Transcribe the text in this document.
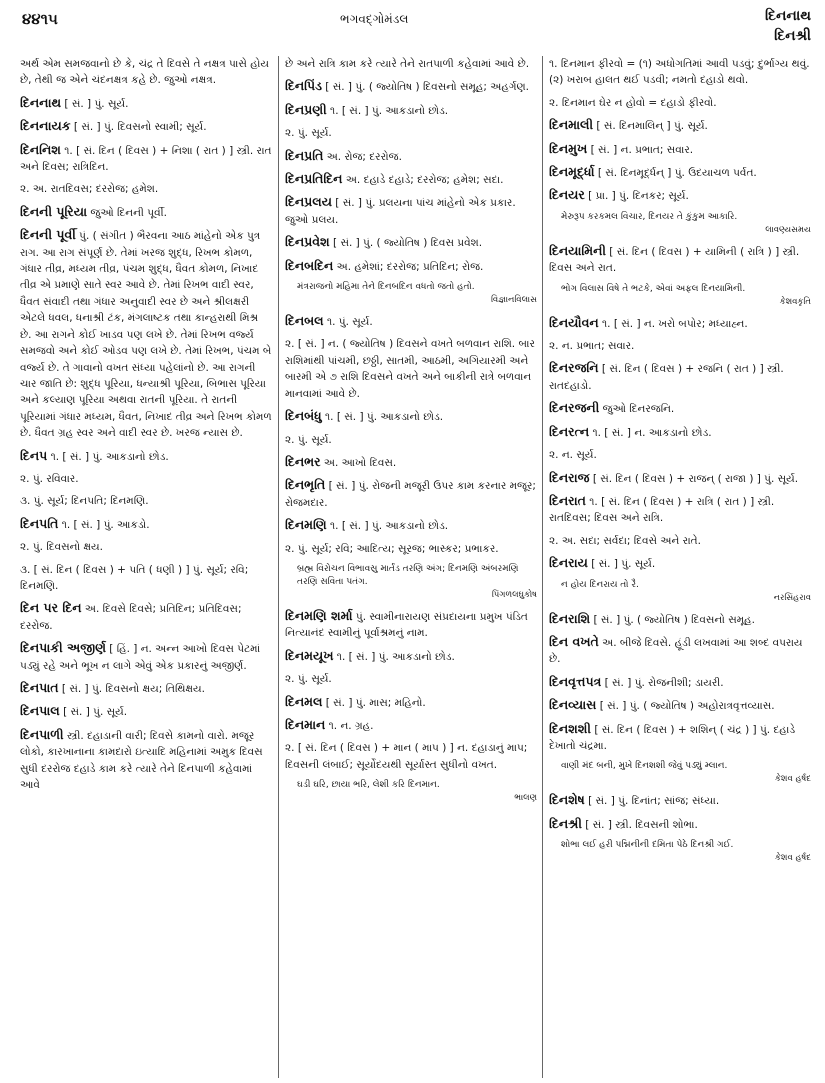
૪૪૧૫	ભગવદ્ગોમંડલ	દિનનાથ
દિનશ્રી
અર્થ એમ સમજવાનો છે કે, ચંદ્ર તે દિવસે તે નક્ષત્ર પાસે હોય છે, તેથી જ એને ચંદનક્ષત્ર કહે છે. જુઓ નક્ષત્ર.
દિનનાથ [ સં. ] પું. સૂર્ય.
દિનનાયક [ સં. ] પું. દિવસનો સ્વામી; સૂર્ય.
દિનનિશ ૧. [ સં. દિન ( દિવસ ) + નિશા ( રાત ) ] સ્ત્રી. રાત અને દિવસ; રાત્રિદિન.
૨. અ. રાતદિવસ; દરરોજ; હમેશ.
દિનની પૂરિયા જુઓ દિનની પૂર્વી.
દિનની પૂર્વી પું. ( સંગીત ) ભૈરવના આઠ માંહેનો એક પુત્ર રાગ. આ રાગ સંપૂર્ણ છે. તેમાં ખરજ શુદ્ધ, રિખભ કોમળ, ગંધાર તીવ્ર, મધ્યમ તીવ્ર, પંચમ શુદ્ધ, ધૈવત કોમળ, નિખાદ તીવ્ર એ પ્રમાણે સાતે સ્વર આવે છે. તેમાં રિખભ વાદી સ્વર, ધૈવત સંવાદી તથા ગંધાર અનુવાદી સ્વર છે અને શ્રીલક્ષરી એટલે ધવલ, ધનાશ્રી ટંક, મંગલાષ્ટક તથા કાન્હરાથી મિશ્ર છે. આ રાગને કોઈ ખાડવ પણ લખે છે. તેમાં રિખભ વર્જ્ય સમજવો અને કોઈ ઓડવ પણ લખે છે. તેમાં રિખભ, પંચમ બે વર્જ્ય છે. તે ગાવાનો વખત સંધ્યા પહેલાંનો છે. આ રાગની ચાર જાતિ છે: શુદ્ધ પૂરિયા, ધન્યાશ્રી પૂરિયા, બિભાસ પૂરિયા અને કલ્યાણ પૂરિયા અથવા રાતની પૂરિયા. તે રાતની પૂરિયામાં ગંધાર મધ્યમ, ધૈવત, નિખાદ તીવ્ર અને રિખભ કોમળ છે. ધૈવત ગ્રહ સ્વર અને વાદી સ્વર છે. ખરજ ન્યાસ છે.
દિનપ ૧. [ સં. ] પું. આકડાનો છોડ.
૨. પું. રવિવાર.
૩. પું. સૂર્ય; દિનપતિ; દિનમણિ.
દિનપતિ ૧. [ સં. ] પું. આકડો.
૨. પું. દિવસનો ક્ષય.
૩. [ સં. દિન ( દિવસ ) + પતિ ( ધણી ) ] પું. સૂર્ય; રવિ; દિનમણિ.
દિન પર દિન અ. દિવસે દિવસે; પ્રતિદિન; પ્રતિદિવસ; દરરોજ.
દિનપાકી અજીર્ણ [ હિં. ] ન. અન્ન આખો દિવસ પેટમાં પડ્યું રહે અને ભૂખ ન લાગે એવું એક પ્રકારનું અજીર્ણ.
દિનપાત [ સં. ] પું. દિવસનો ક્ષય; તિથિક્ષય.
દિનપાલ [ સં. ] પું. સૂર્ય.
દિનપાળી સ્ત્રી. દહાડાની વારી; દિવસે કામનો વારો. મજૂર લોકો, કારખાનાના કામદારો ઇત્યાદિ મહિનામાં અમુક દિવસ સુધી દરરોજ દહાડે કામ કરે ત્યારે તેને દિનપાળી કહેવામાં આવે
છે અને રાત્રિ કામ કરે ત્યારે તેને રાતપાળી કહેવામાં આવે છે.
દિનપિંડ [ સં. ] પું. ( જ્યોતિષ ) દિવસનો સમૂહ; અહર્ગણ.
દિનપ્રણી ૧. [ સં. ] પું. આકડાનો છોડ.
૨. પું. સૂર્ય.
દિનપ્રતિ અ. રોજ; દરરોજ.
દિનપ્રતિદિન અ. દહાડે દહાડે; દરરોજ; હમેશ; સદા.
દિનપ્રલય [ સં. ] પું. પ્રલયના પાંચ માંહેનો એક પ્રકાર. જુઓ પ્રલય.
દિનપ્રવેશ [ સં. ] પું. ( જ્યોતિષ ) દિવસ પ્રવેશ.
દિનબદિન અ. હમેશાં; દરરોજ; પ્રતિદિન; રોજ.
મંત્રરાજનો મહિમા તેને દિનબદિન વધતો જતો હતો.
વિજ્ઞાનવિલાસ
દિનબલ ૧. પું. સૂર્ય.
૨. [ સં. ] ન. ( જ્યોતિષ ) દિવસને વખતે બળવાન રાશિ. બાર રાશિમાંથી પાંચમી, છઠ્ઠી, સાતમી, આઠમી, અગિયારમી અને બારમી એ ૭ રાશિ દિવસને વખતે અને બાકીની રાત્રે બળવાન માનવામાં આવે છે.
દિનબંધુ ૧. [ સં. ] પું. આકડાનો છોડ.
૨. પું. સૂર્ય.
દિનભર અ. આખો દિવસ.
દિનભૃતિ [ સં. ] પું. રોજની મજૂરી ઉપર કામ કરનાર મજૂર; રોજમદાર.
દિનમણિ ૧. [ સં. ] પું. આકડાનો છોડ.
૨. પું. સૂર્ય; રવિ; આદિત્ય; સૂરજ; ભાસ્કર; પ્રભાકર.
બ્રહ્મ વિરોચન વિભાવસુ માર્તંડ તરણિ અંગ; દિનમણિ અંબરમણિ તરણિ સવિતા પતંગ.
પિંગળલઘુકોષ
દિનમણિ શર્મા પું. સ્વામીનારાયણ સંપ્રદાયના પ્રમુખ પંડિત નિત્યાનંદ સ્વામીનું પૂર્વાશ્રમનું નામ.
દિનમયૂખ ૧. [ સં. ] પું. આકડાનો છોડ.
૨. પું. સૂર્ય.
દિનમલ [ સં. ] પું. માસ; મહિનો.
દિનમાન ૧. ન. ગ્રહ.
૨. [ સં. દિન ( દિવસ ) + માન ( માપ ) ] ન. દહાડાનું માપ; દિવસની લંબાઈ; સૂર્યોદયથી સૂર્યાસ્ત સુધીનો વખત.
ઘડી ઘરિ, છાયા ભરિ, લેશી કરિ દિનમાન.
ભાલણ
૧. દિનમાન ફીરવો = (૧) અધોગતિમાં આવી પડવું; દુર્ભાગ્ય થવું. (૨) ખરાબ હાલત થઈ પડવી; નમતો દહાડો થવો.
૨. દિનમાન ઘેર ન હોવો = દહાડો ફીરવો.
દિનમાલી [ સં. દિનમાલિન્ ] પું. સૂર્ય.
દિનમુખ [ સં. ] ન. પ્રભાત; સવાર.
દિનમૂર્દ્ધા [ સં. દિનમૂર્દ્ધન્ ] પું. ઉદયાચળ પર્વત.
દિનયર [ પ્રા. ] પું. દિનકર; સૂર્ય.
મેરુરૂપ કરકમલ વિચાર, દિનયર તે કુંકુમ આકારિ.
લાવણ્યસમય
દિનયામિની [ સં. દિન ( દિવસ ) + યામિની ( રાત્રિ ) ] સ્ત્રી. દિવસ અને રાત.
ભોગ વિલાસ વિષે તે ભટકે, એવાં અફલ દિનયામિની.
કેશવકૃતિ
દિનયૌવન ૧. [ સં. ] ન. ખરો બપોર; મધ્યાહ્ન.
૨. ન. પ્રભાત; સવાર.
દિનરજનિ [ સં. દિન ( દિવસ ) + રજનિ ( રાત ) ] સ્ત્રી. રાતદહાડો.
દિનરજની જુઓ દિનરજનિ.
દિનરત્ન ૧. [ સં. ] ન. આકડાનો છોડ.
૨. ન. સૂર્ય.
દિનરાજ [ સં. દિન ( દિવસ ) + રાજન્ ( રાજા ) ] પું. સૂર્ય.
દિનરાત ૧. [ સં. દિન ( દિવસ ) + રાત્રિ ( રાત ) ] સ્ત્રી. રાતદિવસ; દિવસ અને રાત્રિ.
૨. અ. સદા; સર્વદા; દિવસે અને રાતે.
દિનરાય [ સં. ] પું. સૂર્ય.
ન હોય દિનરાય તો રૈ.
નરસિંહરાવ
દિનરાશિ [ સં. ] પું. ( જ્યોતિષ ) દિવસનો સમૂહ.
દિન વખતે અ. બીજે દિવસે. હૂંડી લખવામાં આ શબ્દ વપરાય છે.
દિનવૃત્તપત્ર [ સં. ] પું. રોજનીશી; ડાયરી.
દિનવ્યાસ [ સં. ] પું. ( જ્યોતિષ ) અહોરાત્રવૃત્તવ્યાસ.
દિનશશી [ સં. દિન ( દિવસ ) + શશિન્ ( ચંદ્ર ) ] પું. દહાડે દેખાતો ચંદ્રમા.
વાણી મંદ બની, મુખે દિનશશી જેવું પડ્યું મ્લાન.
કેશવ હર્ષદ
દિનશેષ [ સં. ] પું. દિનાંત; સાંજ; સંધ્યા.
દિનશ્રી [ સં. ] સ્ત્રી. દિવસની શોભા.
શોભા લઈ હરી પદ્મિનીની દમિતા પેઠે દિનશ્રી ગઈ.
કેશવ હર્ષદ
